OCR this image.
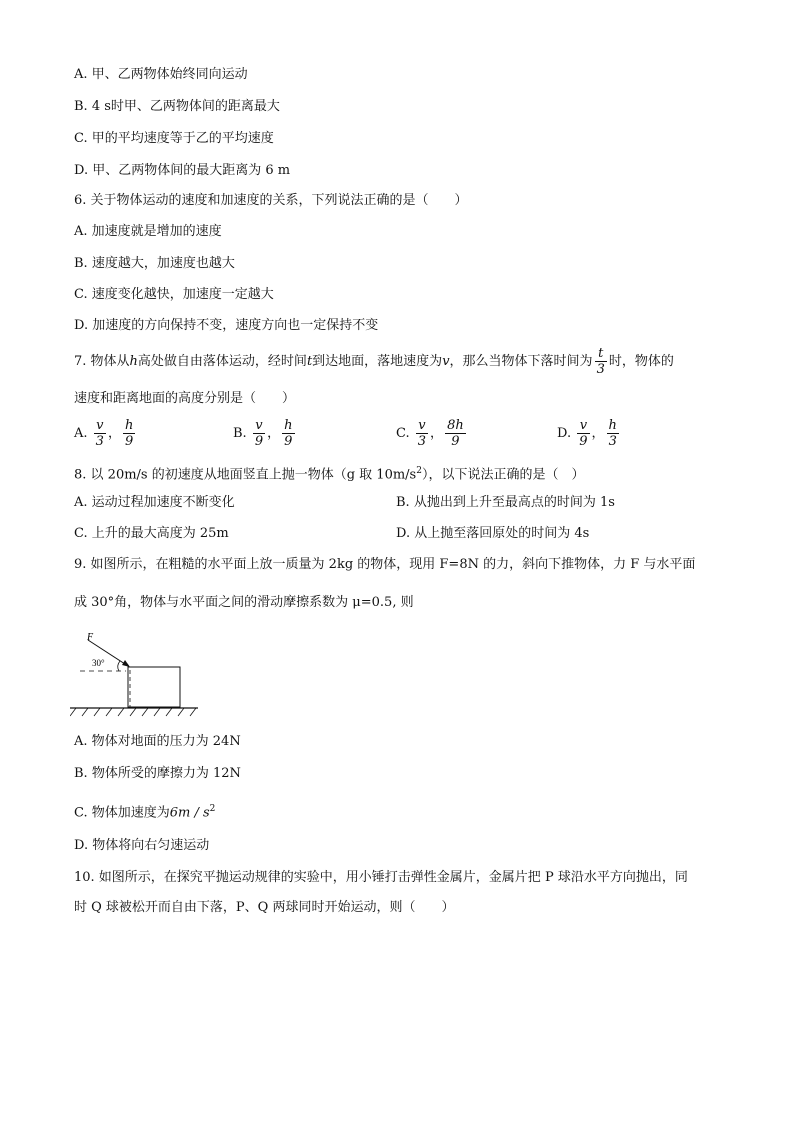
A. 甲、乙两物体始终同向运动
B. 4 s时甲、乙两物体间的距离最大
C. 甲的平均速度等于乙的平均速度
D. 甲、乙两物体间的最大距离为 6 m
6. 关于物体运动的速度和加速度的关系，下列说法正确的是（　　）
A. 加速度就是增加的速度
B. 速度越大，加速度也越大
C. 速度变化越快，加速度一定越大
D. 加速度的方向保持不变，速度方向也一定保持不变
7. 物体从h高处做自由落体运动，经时间t到达地面，落地速度为v，那么当物体下落时间为 $\frac{t}{3}$ 时，物体的
速度和距离地面的高度分别是（　　）
A. $\frac{v}{3}$ ， $\frac{h}{9}$	B. $\frac{v}{9}$ ， $\frac{h}{9}$	C. $\frac{v}{3}$ ， $\frac{8h}{9}$	D. $\frac{v}{9}$ ， $\frac{h}{3}$
8. 以 20m/s 的初速度从地面竖直上抛一物体（g 取 $10m/s^2$），以下说法正确的是（　）
A. 运动过程加速度不断变化	B. 从抛出到上升至最高点的时间为 1s
C. 上升的最大高度为 25m	D. 从上抛至落回原处的时间为 4s
9. 如图所示，在粗糙的水平面上放一质量为 2kg 的物体，现用 F=8N 的力，斜向下推物体，力 F 与水平面
成 30°角，物体与水平面之间的滑动摩擦系数为 μ=0.5, 则
F
30°
A. 物体对地面的压力为 24N
B. 物体所受的摩擦力为 12N
C. 物体加速度为$6m / s^2$
D. 物体将向右匀速运动
10. 如图所示，在探究平抛运动规律的实验中，用小锤打击弹性金属片，金属片把 P 球沿水平方向抛出，同
时 Q 球被松开而自由下落，P、Q 两球同时开始运动，则（　　）
